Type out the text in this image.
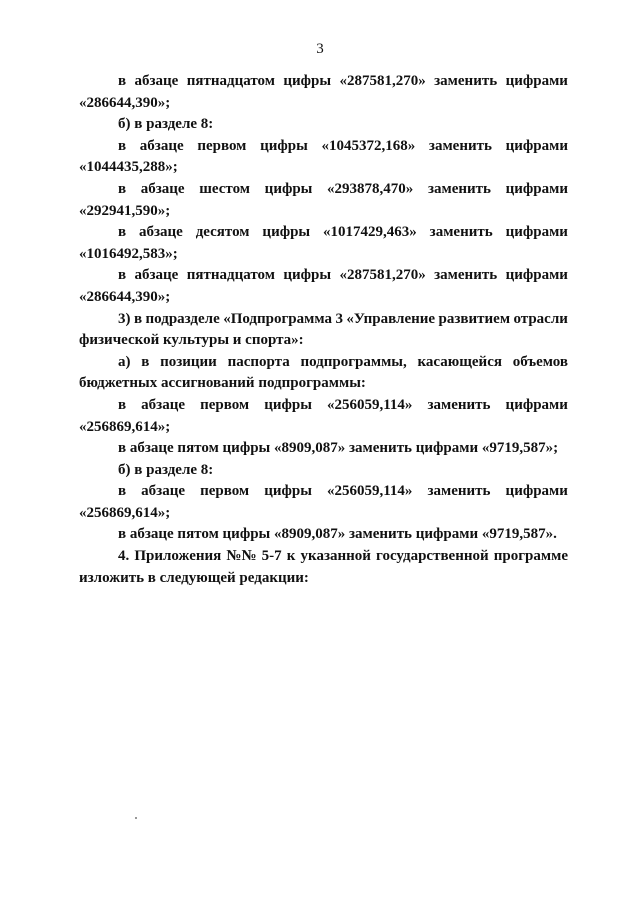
3
в абзаце пятнадцатом цифры «287581,270» заменить цифрами
«286644,390»;
б) в разделе 8:
в абзаце первом цифры «1045372,168» заменить цифрами
«1044435,288»;
в абзаце шестом цифры «293878,470» заменить цифрами
«292941,590»;
в абзаце десятом цифры «1017429,463» заменить цифрами
«1016492,583»;
в абзаце пятнадцатом цифры «287581,270» заменить цифрами
«286644,390»;
3) в подразделе «Подпрограмма 3 «Управление развитием отрасли
физической культуры и спорта»:
а) в позиции паспорта подпрограммы, касающейся объемов
бюджетных ассигнований подпрограммы:
в абзаце первом цифры «256059,114» заменить цифрами
«256869,614»;
в абзаце пятом цифры «8909,087» заменить цифрами «9719,587»;
б) в разделе 8:
в абзаце первом цифры «256059,114» заменить цифрами
«256869,614»;
в абзаце пятом цифры «8909,087» заменить цифрами «9719,587».
4. Приложения №№ 5-7 к указанной государственной программе
изложить в следующей редакции:
